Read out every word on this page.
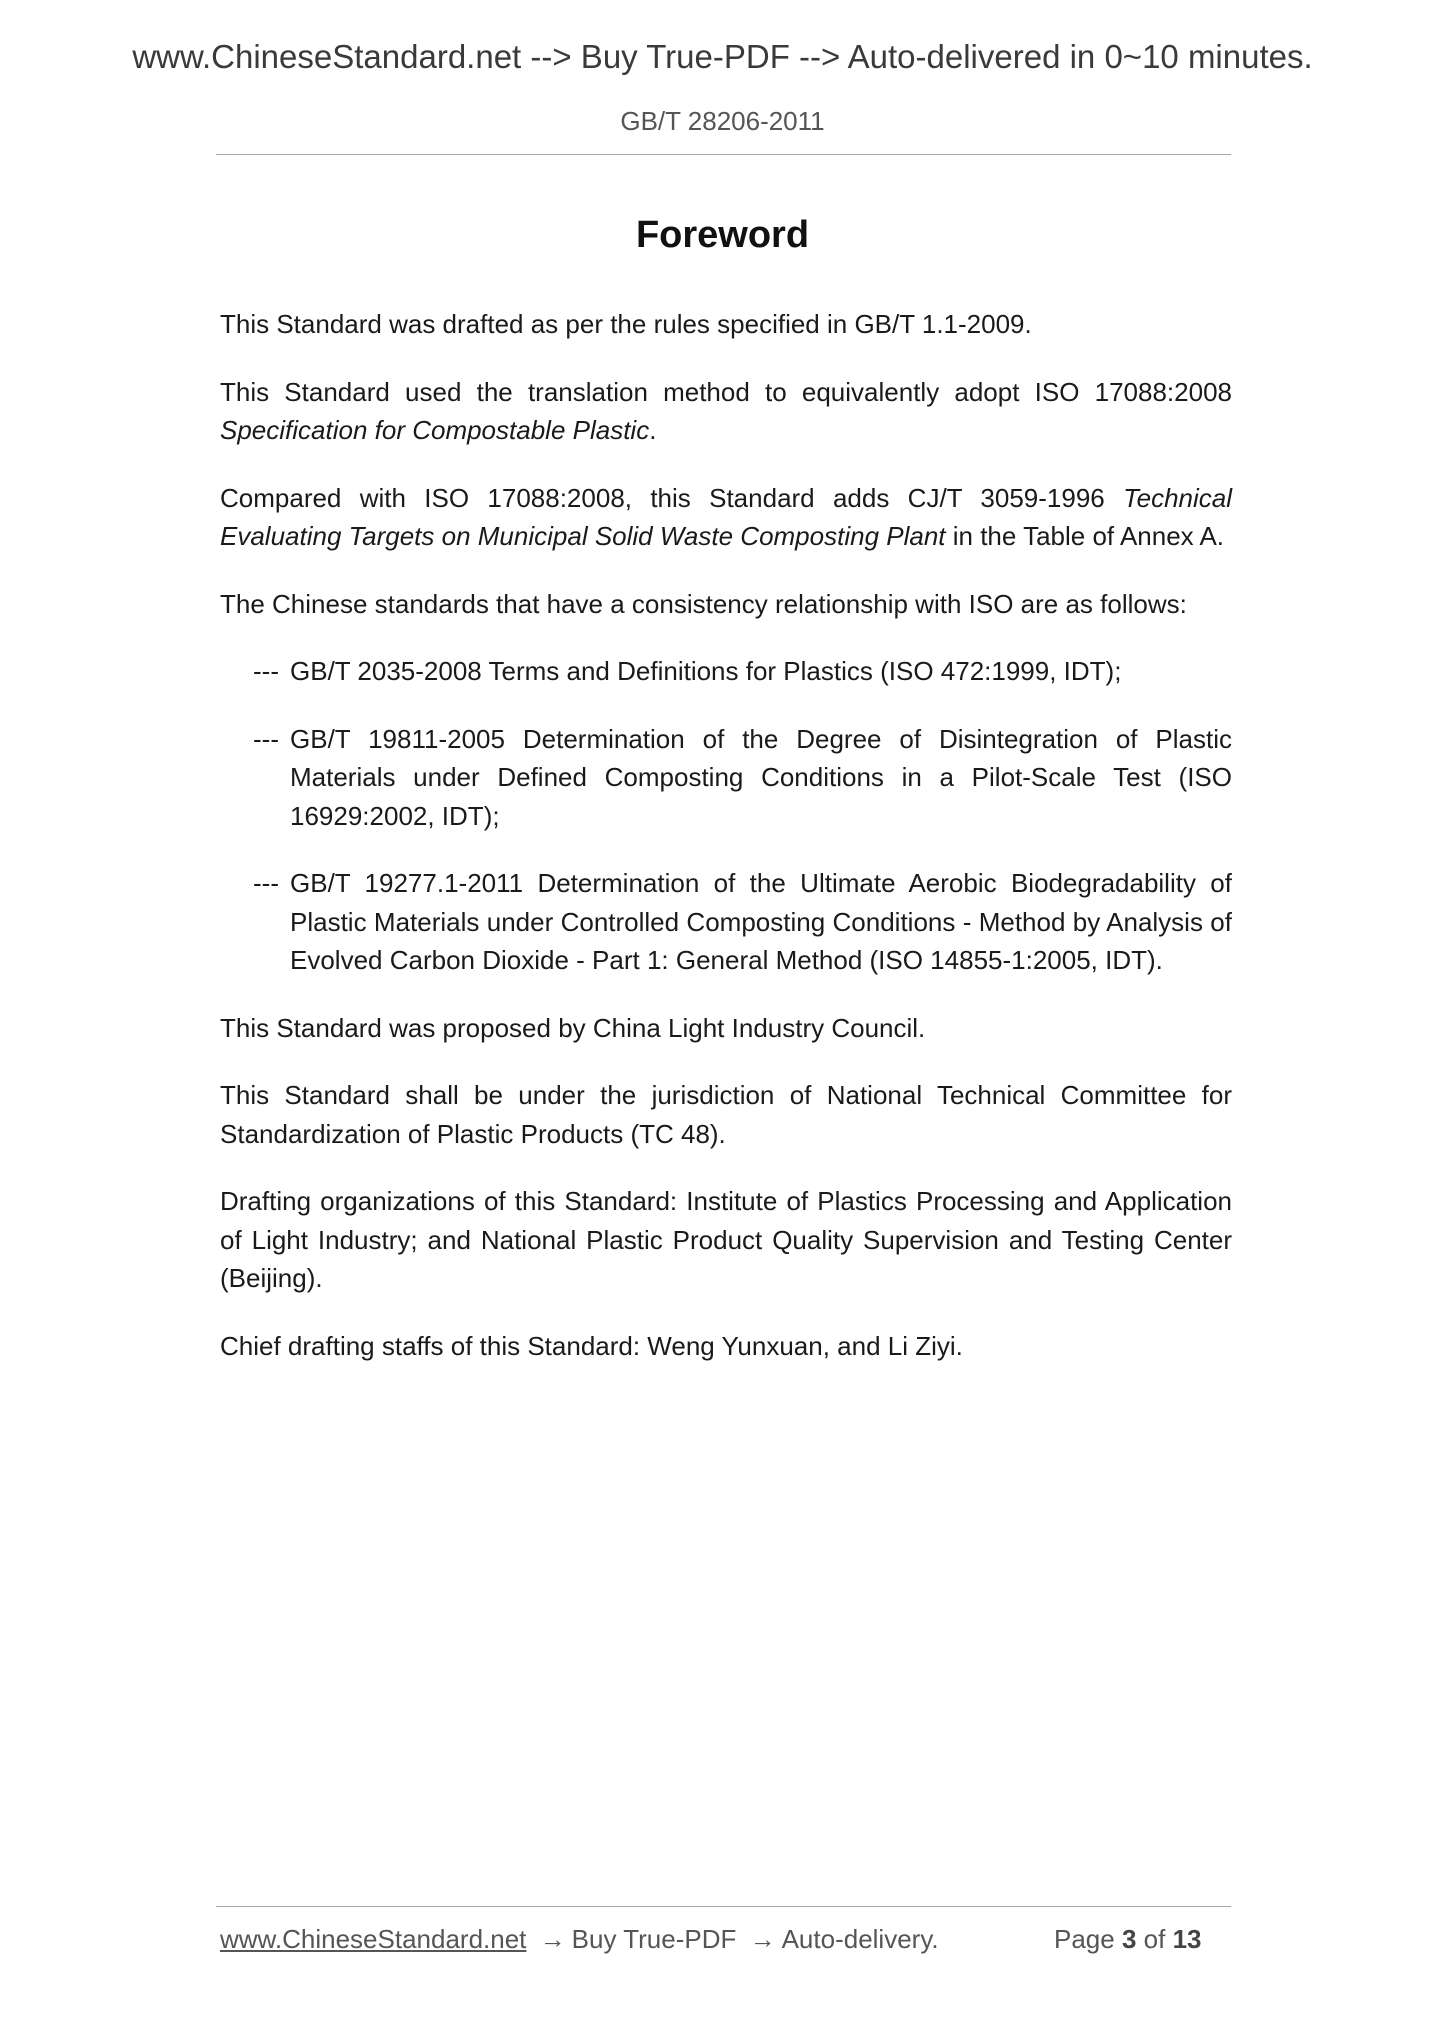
www.ChineseStandard.net --> Buy True-PDF --> Auto-delivered in 0~10 minutes.
GB/T 28206-2011
Foreword

This Standard was drafted as per the rules specified in GB/T 1.1-2009.

This Standard used the translation method to equivalently adopt ISO 17088:2008 Specification for Compostable Plastic.

Compared with ISO 17088:2008, this Standard adds CJ/T 3059-1996 Technical Evaluating Targets on Municipal Solid Waste Composting Plant in the Table of Annex A.

The Chinese standards that have a consistency relationship with ISO are as follows:

--- GB/T 2035-2008 Terms and Definitions for Plastics (ISO 472:1999, IDT);
--- GB/T 19811-2005 Determination of the Degree of Disintegration of Plastic Materials under Defined Composting Conditions in a Pilot-Scale Test (ISO 16929:2002, IDT);
--- GB/T 19277.1-2011 Determination of the Ultimate Aerobic Biodegradability of Plastic Materials under Controlled Composting Conditions - Method by Analysis of Evolved Carbon Dioxide - Part 1: General Method (ISO 14855-1:2005, IDT).

This Standard was proposed by China Light Industry Council.

This Standard shall be under the jurisdiction of National Technical Committee for Standardization of Plastic Products (TC 48).

Drafting organizations of this Standard: Institute of Plastics Processing and Application of Light Industry; and National Plastic Product Quality Supervision and Testing Center (Beijing).

Chief drafting staffs of this Standard: Weng Yunxuan, and Li Ziyi.

www.ChineseStandard.net → Buy True-PDF → Auto-delivery.	Page 3 of 13
